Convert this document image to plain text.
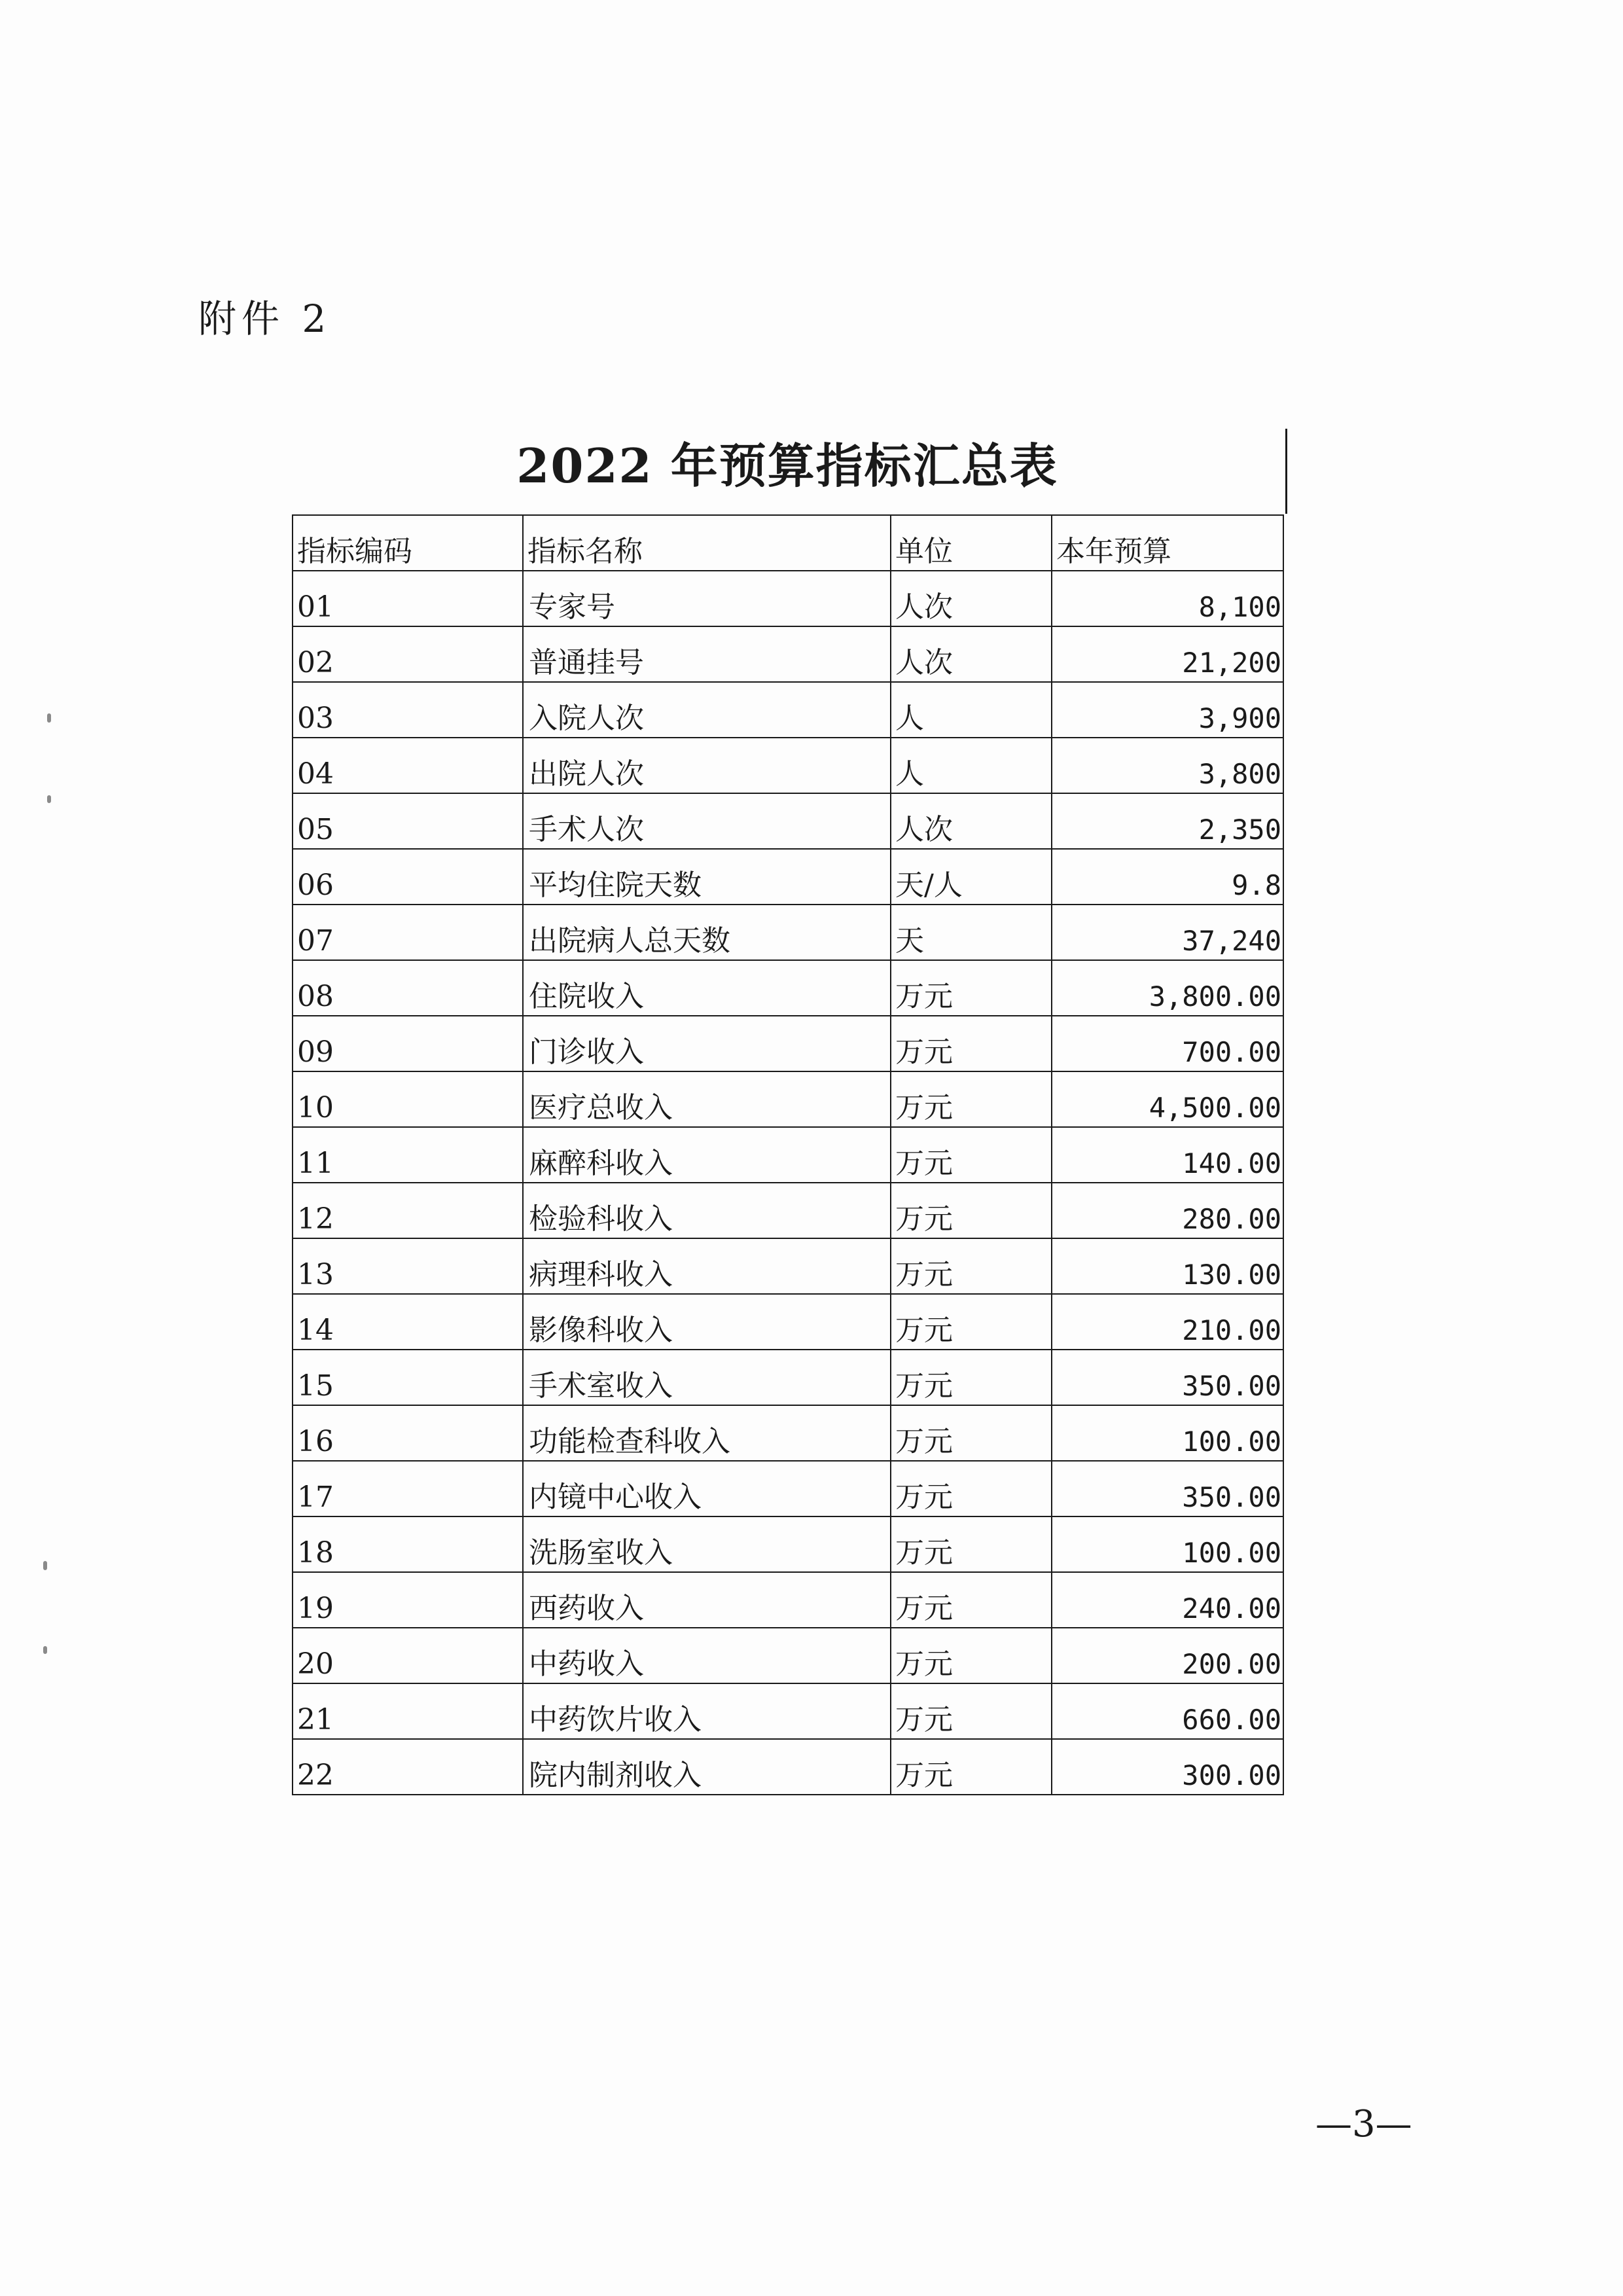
附件 2
2022 年预算指标汇总表
指标编码	指标名称	单位	本年预算
01	专家号	人次	8,100
02	普通挂号	人次	21,200
03	入院人次	人	3,900
04	出院人次	人	3,800
05	手术人次	人次	2,350
06	平均住院天数	天/人	9.8
07	出院病人总天数	天	37,240
08	住院收入	万元	3,800.00
09	门诊收入	万元	700.00
10	医疗总收入	万元	4,500.00
11	麻醉科收入	万元	140.00
12	检验科收入	万元	280.00
13	病理科收入	万元	130.00
14	影像科收入	万元	210.00
15	手术室收入	万元	350.00
16	功能检查科收入	万元	100.00
17	内镜中心收入	万元	350.00
18	洗肠室收入	万元	100.00
19	西药收入	万元	240.00
20	中药收入	万元	200.00
21	中药饮片收入	万元	660.00
22	院内制剂收入	万元	300.00
—3—
